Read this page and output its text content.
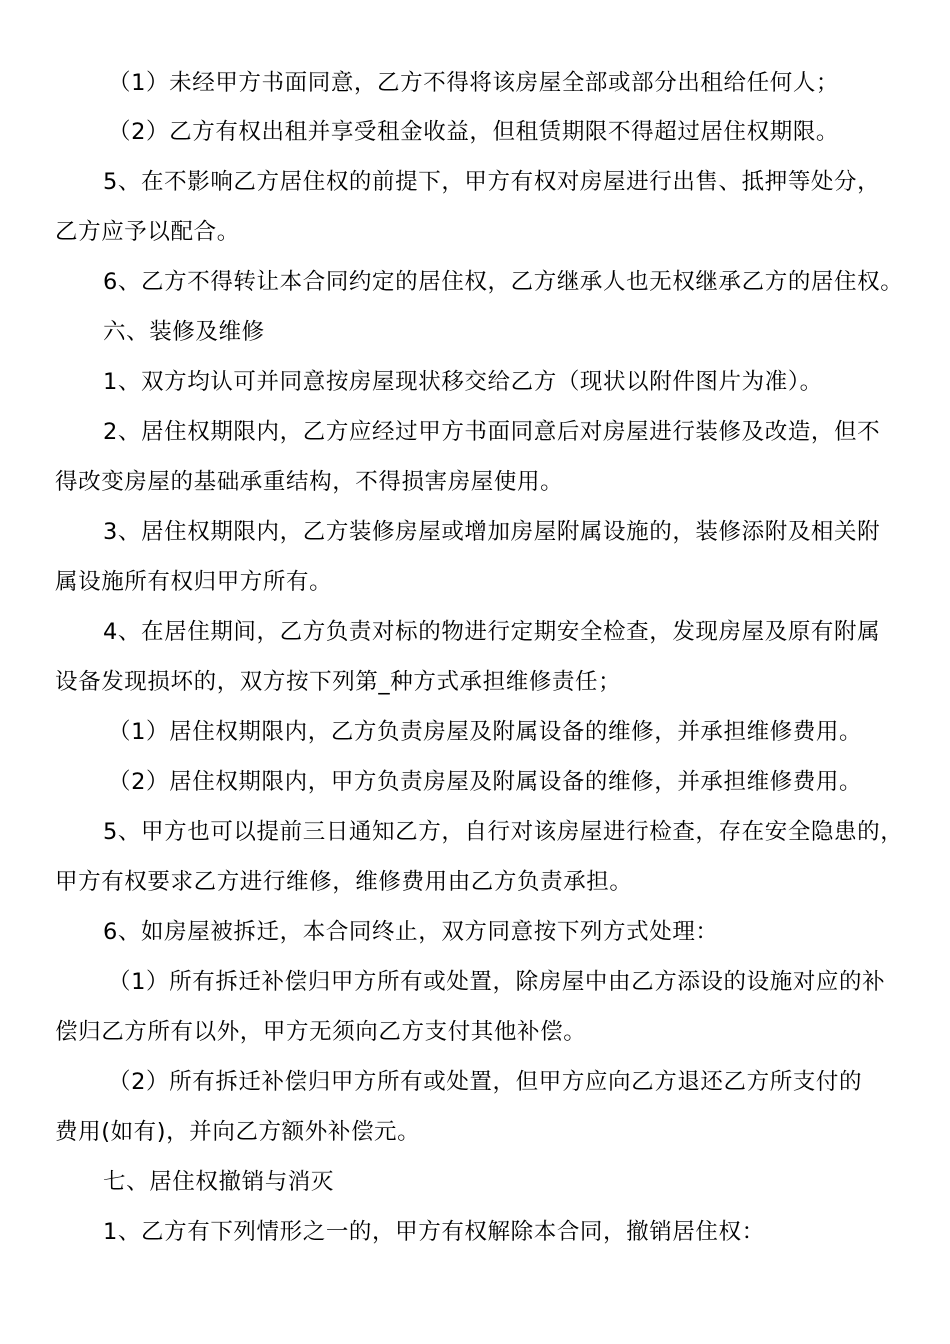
（1）未经甲方书面同意，乙方不得将该房屋全部或部分出租给任何人；

（2）乙方有权出租并享受租金收益，但租赁期限不得超过居住权期限。

5、在不影响乙方居住权的前提下，甲方有权对房屋进行出售、抵押等处分，

乙方应予以配合。

6、乙方不得转让本合同约定的居住权，乙方继承人也无权继承乙方的居住权。

六、装修及维修

1、双方均认可并同意按房屋现状移交给乙方（现状以附件图片为准）。

2、居住权期限内，乙方应经过甲方书面同意后对房屋进行装修及改造，但不

得改变房屋的基础承重结构，不得损害房屋使用。

3、居住权期限内，乙方装修房屋或增加房屋附属设施的，装修添附及相关附

属设施所有权归甲方所有。

4、在居住期间，乙方负责对标的物进行定期安全检查，发现房屋及原有附属

设备发现损坏的，双方按下列第_种方式承担维修责任；

（1）居住权期限内，乙方负责房屋及附属设备的维修，并承担维修费用。

（2）居住权期限内，甲方负责房屋及附属设备的维修，并承担维修费用。

5、甲方也可以提前三日通知乙方，自行对该房屋进行检查，存在安全隐患的，

甲方有权要求乙方进行维修，维修费用由乙方负责承担。

6、如房屋被拆迁，本合同终止，双方同意按下列方式处理：

（1）所有拆迁补偿归甲方所有或处置，除房屋中由乙方添设的设施对应的补

偿归乙方所有以外，甲方无须向乙方支付其他补偿。

（2）所有拆迁补偿归甲方所有或处置，但甲方应向乙方退还乙方所支付的

费用(如有)，并向乙方额外补偿元。

七、居住权撤销与消灭

1、乙方有下列情形之一的，甲方有权解除本合同，撤销居住权：
